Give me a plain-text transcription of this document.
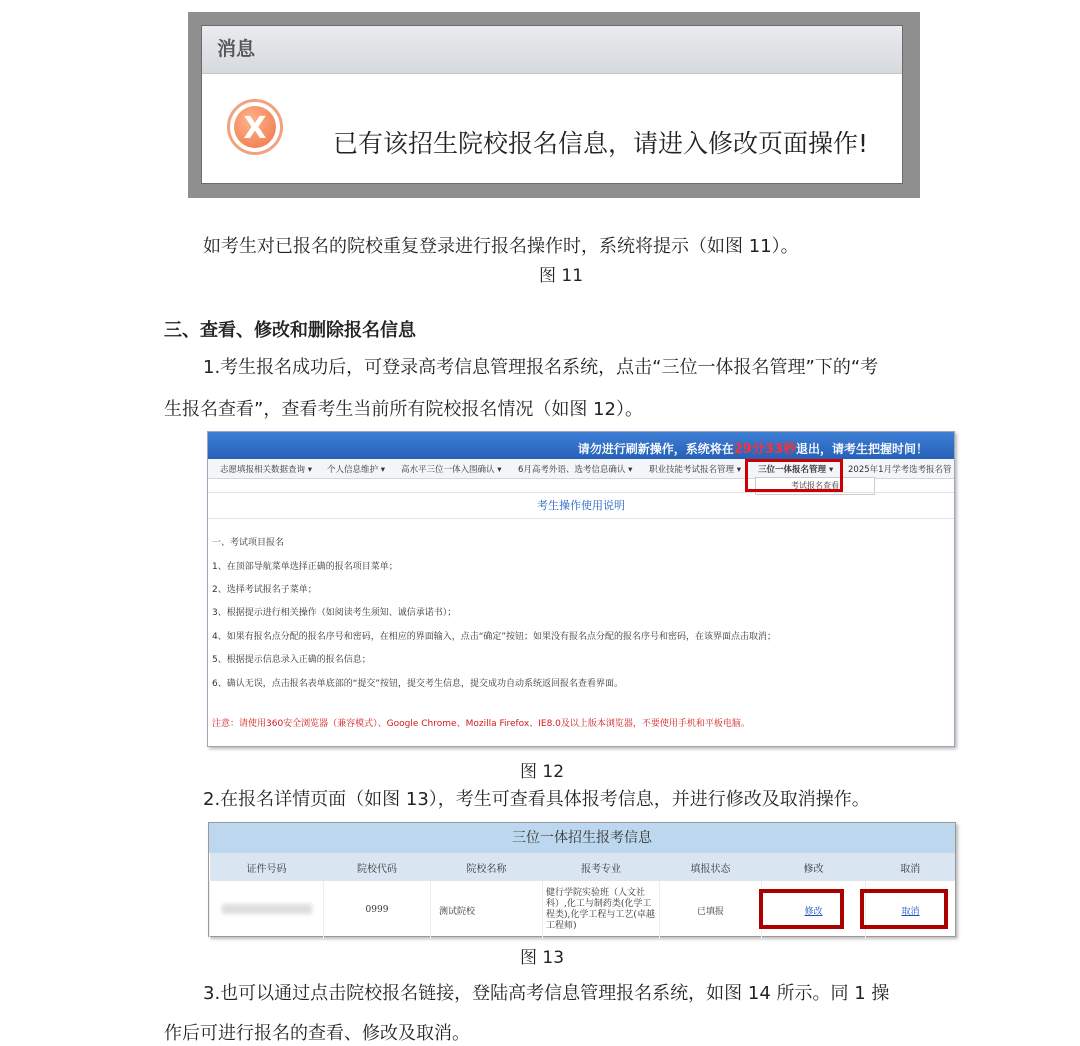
消息
X	已有该招生院校报名信息，请进入修改页面操作!
如考生对已报名的院校重复登录进行报名操作时，系统将提示（如图 11）。
图 11
三、查看、修改和删除报名信息
1.考生报名成功后，可登录高考信息管理报名系统，点击“三位一体报名管理”下的“考
生报名查看”，查看考生当前所有院校报名情况（如图 12）。
请勿进行刷新操作，系统将在29分33秒退出，请考生把握时间！
志愿填报相关数据查询 ▾ 个人信息维护 ▾ 高水平三位一体入围确认 ▾ 6月高考外语、选考信息确认 ▾ 职业技能考试报名管理 ▾ 三位一体报名管理 ▾ 2025年1月学考选考报名管
考试报名查看
考生操作使用说明
一、考试项目报名
1、在顶部导航菜单选择正确的报名项目菜单；
2、选择考试报名子菜单；
3、根据提示进行相关操作（如阅读考生须知、诚信承诺书）；
4、如果有报名点分配的报名序号和密码，在相应的界面输入，点击“确定”按钮；如果没有报名点分配的报名序号和密码，在该界面点击取消；
5、根据提示信息录入正确的报名信息；
6、确认无误，点击报名表单底部的“提交”按钮，提交考生信息，提交成功自动系统返回报名查看界面。
注意：请使用360安全浏览器（兼容模式）、Google Chrome、Mozilla Firefox、IE8.0及以上版本浏览器，不要使用手机和平板电脑。
图 12
2.在报名详情页面（如图 13），考生可查看具体报考信息，并进行修改及取消操作。
三位一体招生报考信息
证件号码	院校代码	院校名称	报考专业	填报状态	修改	取消
	0999	测试院校	健行学院实验班（人文社科）,化工与制药类(化学工程类),化学工程与工艺(卓越工程师)	已填报	修改	取消
图 13
3.也可以通过点击院校报名链接，登陆高考信息管理报名系统，如图 14 所示。同 1 操
作后可进行报名的查看、修改及取消。
